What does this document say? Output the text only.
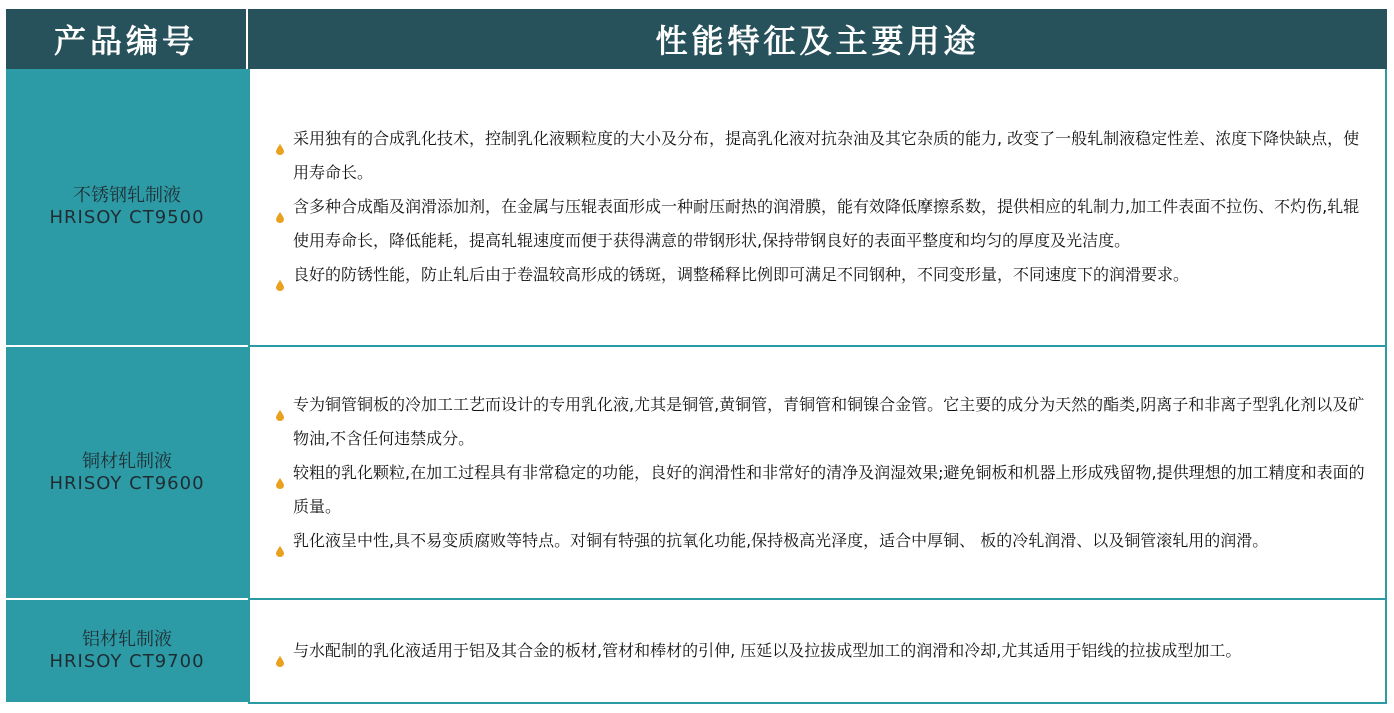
产品编号	性能特征及主要用途
不锈钢轧制液
HRISOY CT9500
采用独有的合成乳化技术，控制乳化液颗粒度的大小及分布，提高乳化液对抗杂油及其它杂质的能力, 改变了一般轧制液稳定性差、浓度下降快缺点，使用寿命长。
含多种合成酯及润滑添加剂，在金属与压辊表面形成一种耐压耐热的润滑膜，能有效降低摩擦系数，提供相应的轧制力,加工件表面不拉伤、不灼伤,轧辊使用寿命长，降低能耗，提高轧辊速度而便于获得满意的带钢形状,保持带钢良好的表面平整度和均匀的厚度及光洁度。
良好的防锈性能，防止轧后由于卷温较高形成的锈斑，调整稀释比例即可满足不同钢种，不同变形量，不同速度下的润滑要求。
铜材轧制液
HRISOY CT9600
专为铜管铜板的冷加工工艺而设计的专用乳化液,尤其是铜管,黄铜管，青铜管和铜镍合金管。它主要的成分为天然的酯类,阴离子和非离子型乳化剂以及矿物油,不含任何违禁成分。
较粗的乳化颗粒,在加工过程具有非常稳定的功能，良好的润滑性和非常好的清净及润湿效果;避免铜板和机器上形成残留物,提供理想的加工精度和表面的质量。
乳化液呈中性,具不易变质腐败等特点。对铜有特强的抗氧化功能,保持极高光泽度，适合中厚铜、 板的冷轧润滑、以及铜管滚轧用的润滑。
铝材轧制液
HRISOY CT9700
与水配制的乳化液适用于铝及其合金的板材,管材和棒材的引伸, 压延以及拉拔成型加工的润滑和冷却,尤其适用于铝线的拉拔成型加工。
